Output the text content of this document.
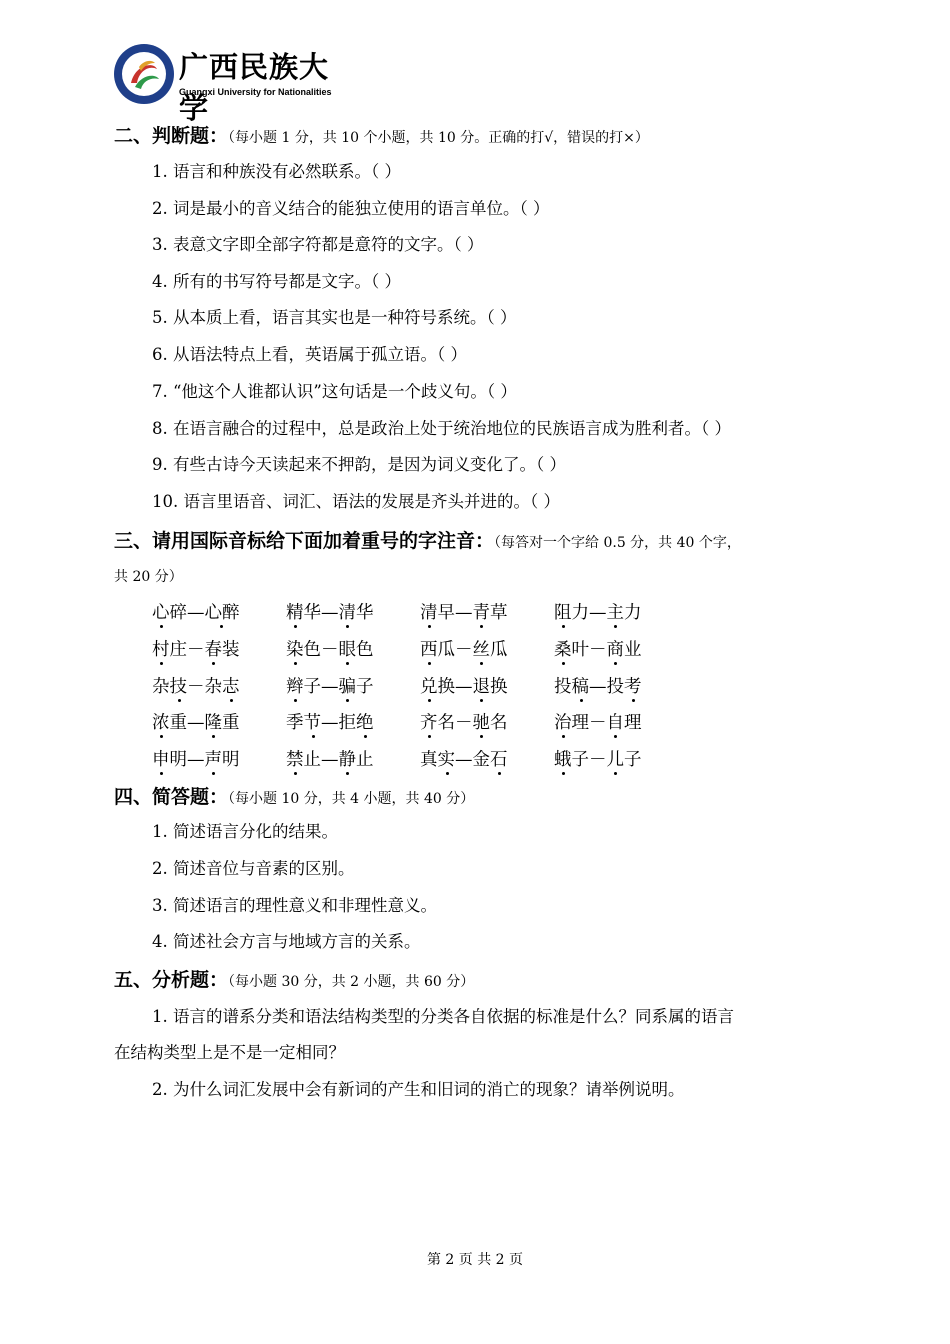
广西民族大学
Guangxi University for Nationalities
二、判断题：（每小题 1 分，共 10 个小题，共 10 分。正确的打√，错误的打×）
1. 语言和种族没有必然联系。（ ）
2. 词是最小的音义结合的能独立使用的语言单位。（ ）
3. 表意文字即全部字符都是意符的文字。（ ）
4. 所有的书写符号都是文字。（ ）
5. 从本质上看，语言其实也是一种符号系统。（ ）
6. 从语法特点上看，英语属于孤立语。（ ）
7. “他这个人谁都认识”这句话是一个歧义句。（ ）
8. 在语言融合的过程中，总是政治上处于统治地位的民族语言成为胜利者。（ ）
9. 有些古诗今天读起来不押韵，是因为词义变化了。（ ）
10. 语言里语音、词汇、语法的发展是齐头并进的。（ ）
三、请用国际音标给下面加着重号的字注音：（每答对一个字给 0.5 分，共 40 个字，
共 20 分）
心碎—心醉	精华—清华	清早—青草	阻力—主力
村庄－春装	染色－眼色	西瓜－丝瓜	桑叶－商业
杂技－杂志	辫子—骗子	兑换—退换	投稿—投考
浓重—隆重	季节—拒绝	齐名－驰名	治理－自理
申明—声明	禁止—静止	真实—金石	蛾子－儿子
四、简答题：（每小题 10 分，共 4 小题，共 40 分）
1. 简述语言分化的结果。
2. 简述音位与音素的区别。
3. 简述语言的理性意义和非理性意义。
4. 简述社会方言与地域方言的关系。
五、分析题：（每小题 30 分，共 2 小题，共 60 分）
1. 语言的谱系分类和语法结构类型的分类各自依据的标准是什么？同系属的语言
在结构类型上是不是一定相同？
2. 为什么词汇发展中会有新词的产生和旧词的消亡的现象？请举例说明。
第 2 页 共 2 页
